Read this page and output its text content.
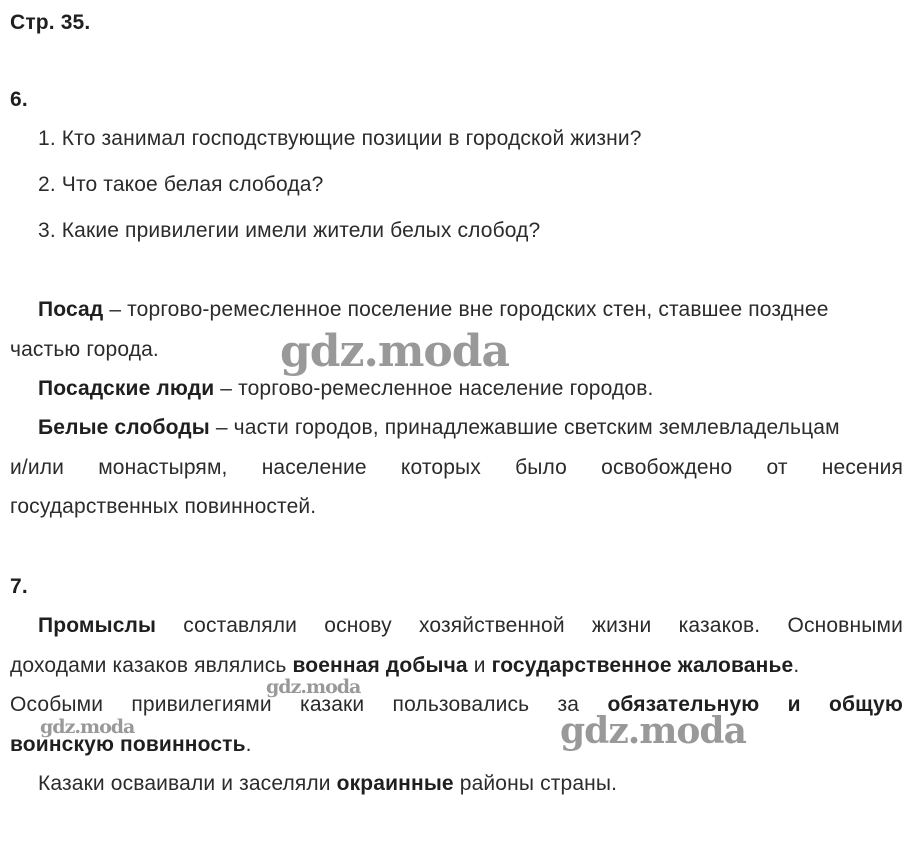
Стр. 35.
6.
1. Кто занимал господствующие позиции в городской жизни?
2. Что такое белая слобода?
3. Какие привилегии имели жители белых слобод?
Посад – торгово-ремесленное поселение вне городских стен, ставшее позднее
частью города.
Посадские люди – торгово-ремесленное население городов.
Белые слободы – части городов, принадлежавшие светским землевладельцам
и/или монастырям, население которых было освобождено от несения
государственных повинностей.
7.
Промыслы составляли основу хозяйственной жизни казаков. Основными
доходами казаков являлись военная добыча и государственное жалованье.
Особыми привилегиями казаки пользовались за обязательную и общую
воинскую повинность.
Казаки осваивали и заселяли окраинные районы страны.
gdz.moda
gdz.moda
gdz.moda	gdz.moda
